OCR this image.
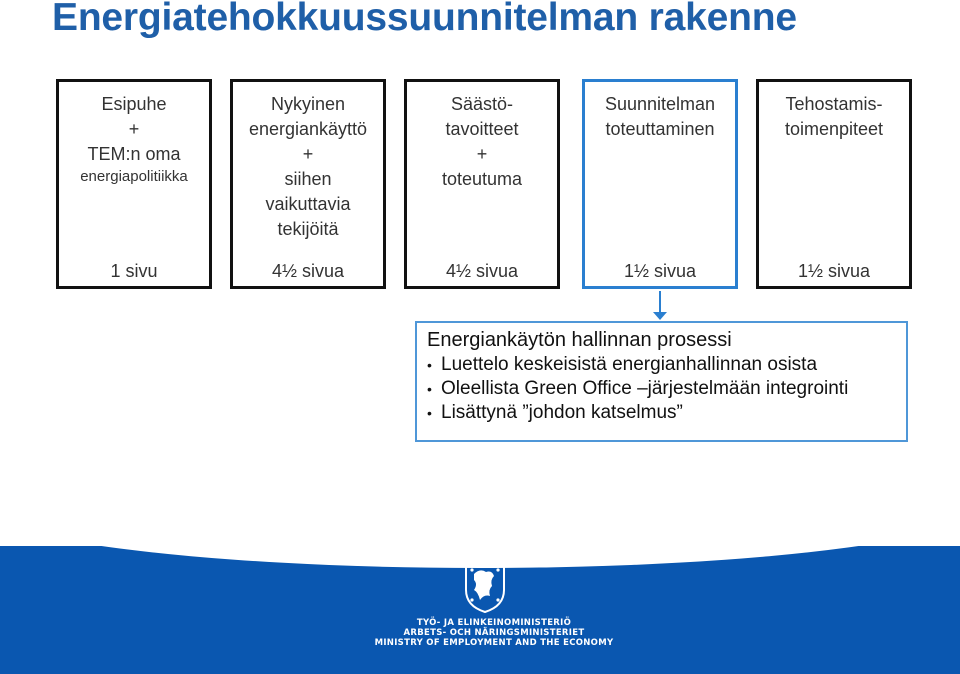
Energiatehokkuussuunnitelman rakenne
Esipuhe
+
TEM:n oma
energiapolitiikka
1 sivu
Nykyinen
energiankäyttö
+
siihen
vaikuttavia
tekijöitä
4½ sivua
Säästö-
tavoitteet
+
toteutuma
4½ sivua
Suunnitelman
toteuttaminen
1½ sivua
Tehostamis-
toimenpiteet
1½ sivua
Energiankäytön hallinnan prosessi
• Luettelo keskeisistä energianhallinnan osista
• Oleellista Green Office –järjestelmään integrointi
• Lisättynä ”johdon katselmus”
TYÖ- JA ELINKEINOMINISTERIÖ
ARBETS- OCH NÄRINGSMINISTERIET
MINISTRY OF EMPLOYMENT AND THE ECONOMY
